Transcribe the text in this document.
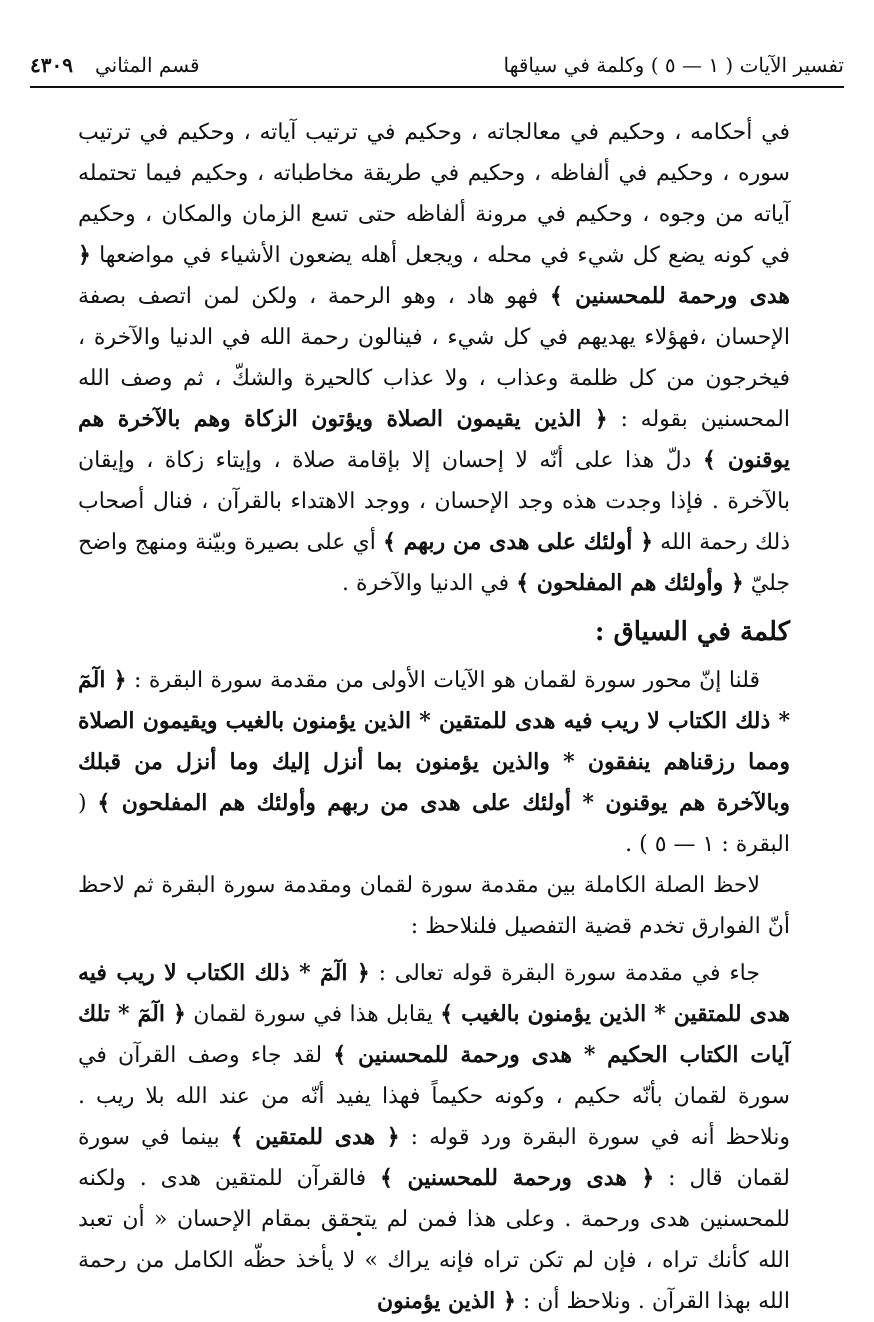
تفسير الآيات ( ١ — ٥ ) وكلمة في سياقها
قسم المثاني
٤٣٠٩

في أحكامه ، وحكيم في معالجاته ، وحكيم في ترتيب آياته ، وحكيم في ترتيب سوره ، وحكيم في ألفاظه ، وحكيم في طريقة مخاطباته ، وحكيم فيما تحتمله آياته من وجوه ، وحكيم في مرونة ألفاظه حتى تسع الزمان والمكان ، وحكيم في كونه يضع كل شيء في محله ، ويجعل أهله يضعون الأشياء في مواضعها ﴿ هدى ورحمة للمحسنين ﴾ فهو هاد ، وهو الرحمة ، ولكن لمن اتصف بصفة الإحسان ،فهؤلاء يهديهم في كل شيء ، فينالون رحمة الله في الدنيا والآخرة ، فيخرجون من كل ظلمة وعذاب ، ولا عذاب كالحيرة والشكّ ، ثم وصف الله المحسنين بقوله : ﴿ الذين يقيمون الصلاة ويؤتون الزكاة وهم بالآخرة هم يوقنون ﴾ دلّ هذا على أنّه لا إحسان إلا بإقامة صلاة ، وإيتاء زكاة ، وإيقان بالآخرة . فإذا وجدت هذه وجد الإحسان ، ووجد الاهتداء بالقرآن ، فنال أصحاب ذلك رحمة الله ﴿ أولئك على هدى من ربهم ﴾ أي على بصيرة وبيّنة ومنهج واضح جليّ ﴿ وأولئك هم المفلحون ﴾ في الدنيا والآخرة .

كلمة في السياق :

قلنا إنّ محور سورة لقمان هو الآيات الأولى من مقدمة سورة البقرة : ﴿ الٓمٓ * ذلك الكتاب لا ريب فيه هدى للمتقين * الذين يؤمنون بالغيب ويقيمون الصلاة ومما رزقناهم ينفقون * والذين يؤمنون بما أنزل إليك وما أنزل من قبلك وبالآخرة هم يوقنون * أولئك على هدى من ربهم وأولئك هم المفلحون ﴾ ( البقرة : ١ — ٥ ) .

لاحظ الصلة الكاملة بين مقدمة سورة لقمان ومقدمة سورة البقرة ثم لاحظ أنّ الفوارق تخدم قضية التفصيل فلنلاحظ :

جاء في مقدمة سورة البقرة قوله تعالى : ﴿ الٓمٓ * ذلك الكتاب لا ريب فيه هدى للمتقين * الذين يؤمنون بالغيب ﴾ يقابل هذا في سورة لقمان ﴿ الٓمٓ * تلك آيات الكتاب الحكيم * هدى ورحمة للمحسنين ﴾ لقد جاء وصف القرآن في سورة لقمان بأنّه حكيم ، وكونه حكيماً فهذا يفيد أنّه من عند الله بلا ريب . ونلاحظ أنه في سورة البقرة ورد قوله : ﴿ هدى للمتقين ﴾ بينما في سورة لقمان قال : ﴿ هدى ورحمة للمحسنين ﴾ فالقرآن للمتقين هدى . ولكنه للمحسنين هدى ورحمة . وعلى هذا فمن لم يتحقق بمقام الإحسان « أن تعبد الله كأنك تراه ، فإن لم تكن تراه فإنه يراك » لا يأخذ حظّه الكامل من رحمة الله بهذا القرآن . ونلاحظ أن : ﴿ الذين يؤمنون
